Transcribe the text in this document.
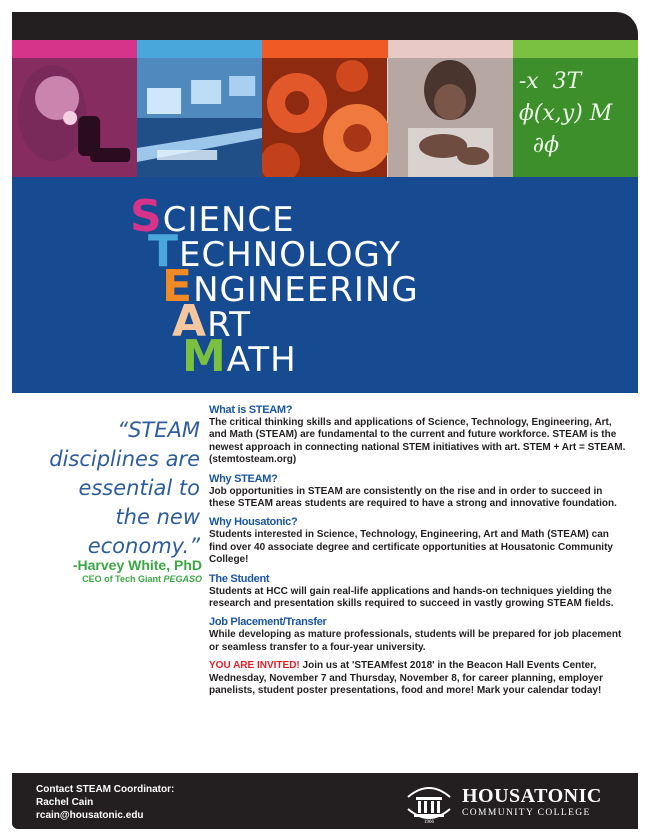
-x  3T
ϕ(x,y) M
∂ϕ
SCIENCE
TECHNOLOGY
ENGINEERING
ART
MATH
“STEAM disciplines are essential to the new economy.”
-Harvey White, PhD
CEO of Tech Giant PEGASO
What is STEAM?
The critical thinking skills and applications of Science, Technology, Engineering, Art, and Math (STEAM) are fundamental to the current and future workforce. STEAM is the newest approach in connecting national STEM initiatives with art. STEM + Art = STEAM. (stemtosteam.org)
Why STEAM?
Job opportunities in STEAM are consistently on the rise and in order to succeed in these STEAM areas students are required to have a strong and innovative foundation.
Why Housatonic?
Students interested in Science, Technology, Engineering, Art and Math (STEAM) can find over 40 associate degree and certificate opportunities at Housatonic Community College!
The Student
Students at HCC will gain real-life applications and hands-on techniques yielding the research and presentation skills required to succeed in vastly growing STEAM fields.
Job Placement/Transfer
While developing as mature professionals, students will be prepared for job placement or seamless transfer to a four-year university.
YOU ARE INVITED! Join us at 'STEAMfest 2018' in the Beacon Hall Events Center, Wednesday, November 7 and Thursday, November 8, for career planning, employer panelists, student poster presentations, food and more! Mark your calendar today!
Contact STEAM Coordinator:
Rachel Cain
rcain@housatonic.edu
1966
HOUSATONIC
COMMUNITY COLLEGE
